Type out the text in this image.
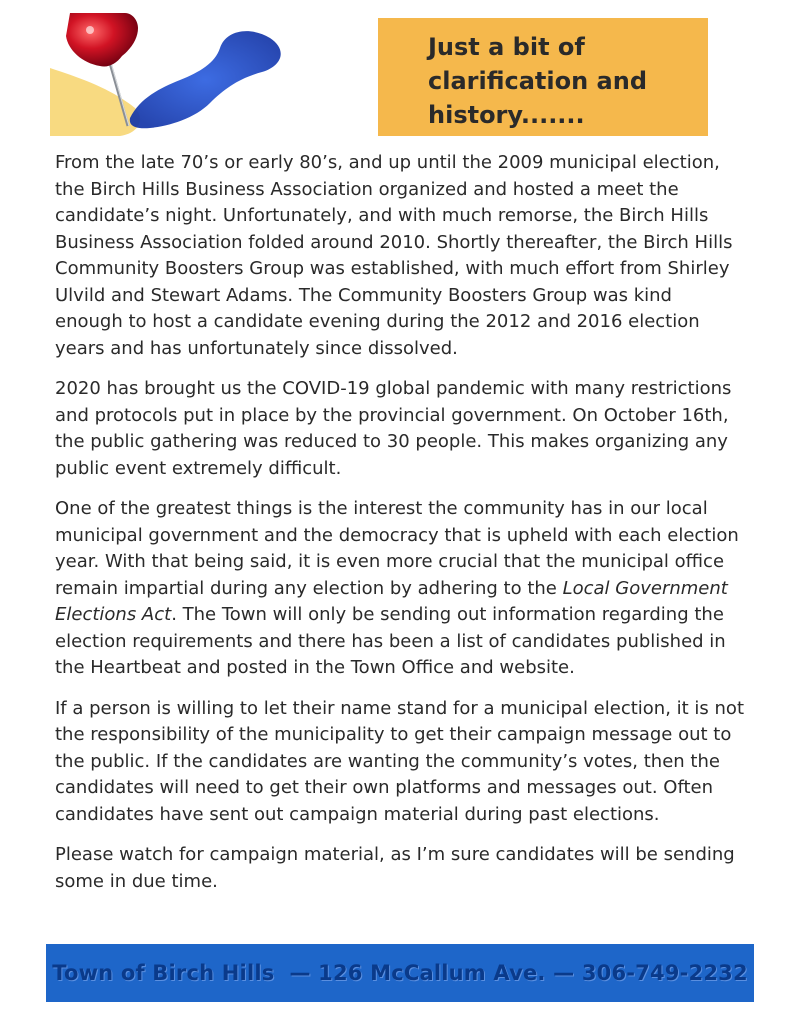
Just a bit of
clarification and
history.......

From the late 70’s or early 80’s, and up until the 2009 municipal election, the Birch Hills Business Association organized and hosted a meet the candidate’s night. Unfortunately, and with much remorse, the Birch Hills Business Association folded around 2010. Shortly thereafter, the Birch Hills Community Boosters Group was established, with much effort from Shirley Ulvild and Stewart Adams. The Community Boosters Group was kind enough to host a candidate evening during the 2012 and 2016 election years and has unfortunately since dissolved.

2020 has brought us the COVID-19 global pandemic with many restrictions and protocols put in place by the provincial government. On October 16th, the public gathering was reduced to 30 people. This makes organizing any public event extremely difficult.

One of the greatest things is the interest the community has in our local municipal government and the democracy that is upheld with each election year. With that being said, it is even more crucial that the municipal office remain impartial during any election by adhering to the Local Government Elections Act. The Town will only be sending out information regarding the election requirements and there has been a list of candidates published in the Heartbeat and posted in the Town Office and website.

If a person is willing to let their name stand for a municipal election, it is not the responsibility of the municipality to get their campaign message out to the public. If the candidates are wanting the community’s votes, then the candidates will need to get their own platforms and messages out. Often candidates have sent out campaign material during past elections.

Please watch for campaign material, as I’m sure candidates will be sending some in due time.

Town of Birch Hills  — 126 McCallum Ave. — 306-749-2232
